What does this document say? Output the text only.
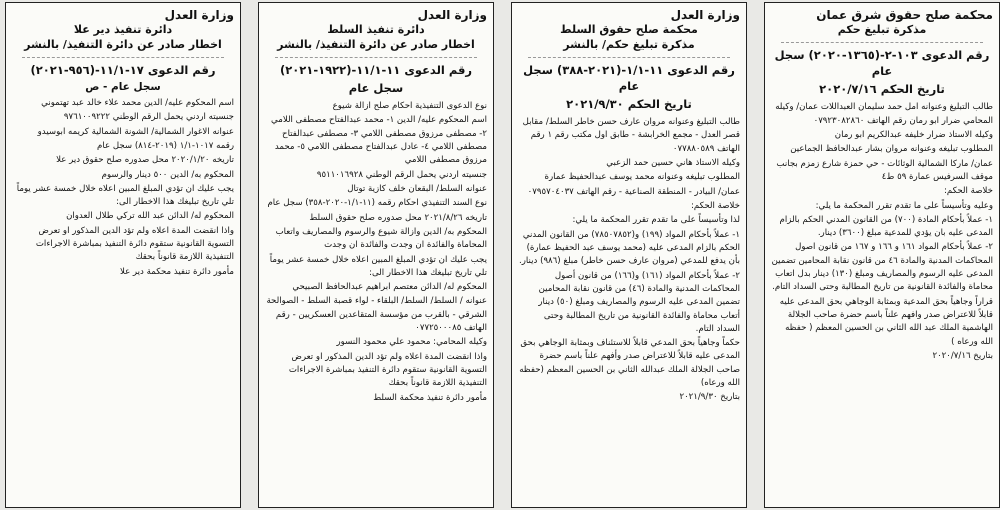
محكمة صلح حقوق شرق عمان

مذكرة تبليغ حكم

رقم الدعوى ١٠٣-٢-(١٣٦٥-٢٠٢٠) سجل عام

تاريخ الحكم ٢٠٢٠/٧/١٦

طالب التبليغ وعنوانه امل حمد سليمان العبداللات عمان/ وكيله المحامي ضرار ابو رمان رقم الهاتف ٠٧٩٢٣٠٨٢٨٦٠

وكيله الاستاذ ضرار خليفه عبدالكريم ابو رمان

المطلوب تبليغه وعنوانه مروان بشار عبدالحافظ الجماعين

عمان/ ماركا الشمالية الوثائات - حي حمزة شارع زمزم بجانب موقف السرفيس عمارة ٥٩ ط٤

خلاصة الحكم:

وعليه وتأسيساً على ما تقدم تقرر المحكمة ما يلي:

١- عملاً بأحكام المادة (٧٠٠) من القانون المدني الحكم بالزام المدعى عليه بان يؤدي للمدعية مبلغ (٣٦٠٠) دينار.

٢- عملاً بأحكام المواد ١٦١ و ١٦٦ و ١٦٧ من قانون اصول المحاكمات المدنية والمادة ٤٦ من قانون نقابة المحامين تضمين المدعى عليه الرسوم والمصاريف ومبلغ (١٣٠) دينار بدل اتعاب محاماة والفائدة القانونية من تاريخ المطالبة وحتى السداد التام.

قراراً وجاهياً بحق المدعية وبمثابة الوجاهي بحق المدعى عليه قابلاً للاعتراض صدر وافهم علناً باسم حضرة صاحب الجلالة الهاشمية الملك عبد الله الثاني بن الحسين المعظم ( حفظه الله ورعاه )

بتاريخ ٢٠٢٠/٧/١٦

وزارة العدل

محكمة صلح حقوق السلط

مذكرة تبليغ حكم/ بالنشر

رقم الدعوى ١١-١/١-(٢٠٢١-٣٨٨) سجل عام

تاريخ الحكم ٢٠٢١/٩/٣٠

طالب التبليغ وعنوانه مروان عارف حسن خاطر السلط/ مقابل قصر العدل - مجمع الخرابشة - طابق اول مكتب رقم ١ رقم الهاتف ٠٧٧٨٨٠٥٨٩

وكيله الاستاذ هاني حسين حمد الزعبي

المطلوب تبليغه وعنوانه محمد يوسف عبدالحفيظ عمارة

عمان/ البيادر - المنطقة الصناعية - رقم الهاتف ٠٧٩٥٧٠٤٠٣٧

خلاصة الحكم:

لذا وتأسيساً على ما تقدم تقرر المحكمة ما يلي:

١- عملاً بأحكام المواد (١٩٩) و(٧٨٥٠٧٨٥٢) من القانون المدني الحكم بالزام المدعى عليه (محمد يوسف عبد الحفيظ عمارة) بأن يدفع للمدعي (مروان عارف حسن خاطر) مبلغ (٩٨٦) دينار.

٢- عملاً بأحكام المواد (١٦١) و(١٦٦) من قانون أصول المحاكمات المدنية والمادة (٤٦) من قانون نقابة المحامين تضمين المدعى عليه الرسوم والمصاريف ومبلغ (٥٠) دينار أتعاب محاماة والفائدة القانونية من تاريخ المطالبة وحتى السداد التام.

حكماً وجاهياً بحق المدعي قابلاً للاستئناف وبمثابة الوجاهي بحق المدعى عليه قابلاً للاعتراض صدر وأفهم علناً باسم حضرة صاحب الجلالة الملك عبدالله الثاني بن الحسين المعظم (حفظه الله ورعاه)

بتاريخ ٢٠٢١/٩/٣٠

وزارة العدل

دائرة تنفيذ السلط

اخطار صادر عن دائرة التنفيذ/ بالنشر

رقم الدعوى ١١-١١/١-(١٩٢٢-٢٠٢١)

سجل عام

نوع الدعوى التنفيذية احكام صلح ازالة شيوع

اسم المحكوم عليه/ الدين ١- محمد عبدالفتاح مصطفى اللامي ٢- مصطفى مرزوق مصطفى اللامي ٣- مصطفى عبدالفتاح مصطفى اللامي ٤- عادل عبدالفتاح مصطفى اللامي ٥- محمد مرزوق مصطفى اللامي

جنسيته اردني يحمل الرقم الوطني ٩٥١١٠١٦٩٢٨

عنوانه السلط/ البقعان خلف كازية توتال

نوع السند التنفيذي احكام رقمه (١١-١/١-٢٠٢٠-٣٥٨) سجل عام

تاريخه ٢٠٢١/٨/٢٦ محل صدوره صلح حقوق السلط

المحكوم به/ الدين وازالة شيوع والرسوم والمصاريف واتعاب المحاماة والفائدة ان وجدت والفائدة ان وجدت

يجب عليك ان تؤدي المبلغ المبين اعلاه خلال خمسة عشر يوماً تلي تاريخ تبليغك هذا الاخطار الى:

المحكوم له/ الدائن معتصم ابراهيم عبدالحافظ الصبيحي

عنوانه / السلط/ السلط/ البلقاء - لواء قصبة السلط - الصوالحة الشرقي - بالقرب من مؤسسة المتقاعدين العسكريين - رقم الهاتف ٠٧٧٢٥٠٠٠٨٥

وكيله المحامي: محمود علي محمود النسور

واذا انقضت المدة اعلاه ولم تؤد الدين المذكور او تعرض التسوية القانونية ستقوم دائرة التنفيذ بمباشرة الاجراءات التنفيذية اللازمة قانوناً بحقك

مأمور دائرة تنفيذ محكمة السلط

وزارة العدل

دائرة تنفيذ دير علا

اخطار صادر عن دائرة التنفيذ/ بالنشر

رقم الدعوى ١٧-١١/١-(٩٥٦-٢٠٢١)

سجل عام - ص

اسم المحكوم عليه/ الدين محمد علاء خالد عبد تهتموني

جنسيته اردني يحمل الرقم الوطني ٩٧٦١٠٠٩٢٢٢

عنوانه الاغوار الشمالية/ الشونة الشمالية كريمه ابوسيدو

رقمه ١٠١٧-١/١ (٢٠١٩-٨١٤) سجل عام

تاريخه ٢٠٢٠/١/٢٠ محل صدوره صلح حقوق دير علا

المحكوم به/ الدين ٥٠٠ دينار والرسوم

يجب عليك ان تؤدي المبلغ المبين اعلاه خلال خمسة عشر يوماً تلي تاريخ تبليغك هذا الاخطار الى:

المحكوم له/ الدائن عبد الله تركي طلال العدوان

واذا انقضت المدة اعلاه ولم تؤد الدين المذكور او تعرض التسوية القانونية ستقوم دائرة التنفيذ بمباشرة الاجراءات التنفيذية اللازمة قانوناً بحقك

مأمور دائرة تنفيذ محكمة دير علا
